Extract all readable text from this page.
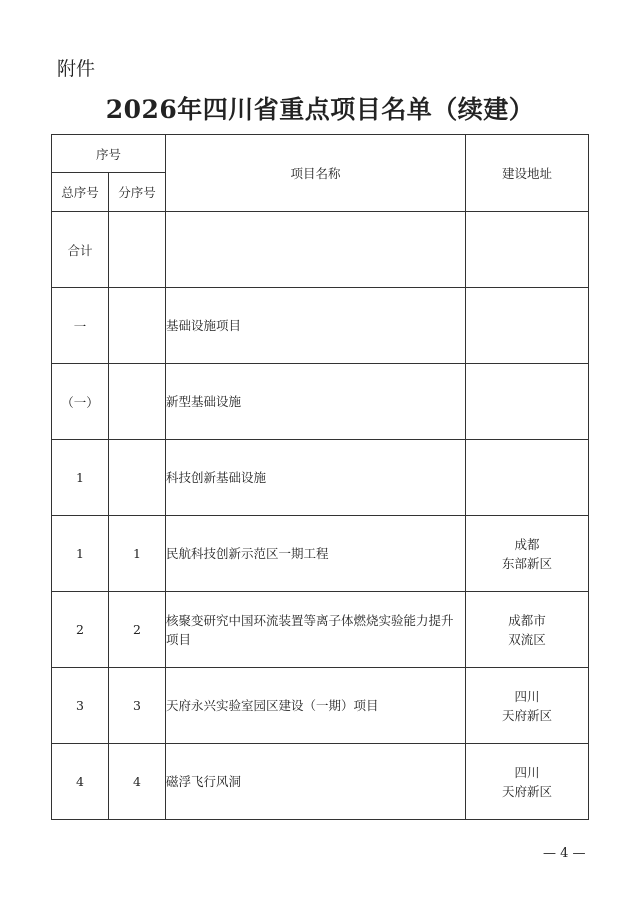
附件
2026年四川省重点项目名单（续建）
序号		项目名称	建设地址
总序号	分序号		
合计			

一		基础设施项目	

（一）		新型基础设施	

1		科技创新基础设施	

1	1	民航科技创新示范区一期工程	成都
东部新区

2	2	核聚变研究中国环流装置等离子体燃烧实验能力提升项目	成都市
双流区

3	3	天府永兴实验室园区建设（一期）项目	四川
天府新区

4	4	磁浮飞行风洞	四川
天府新区
— 4 —
